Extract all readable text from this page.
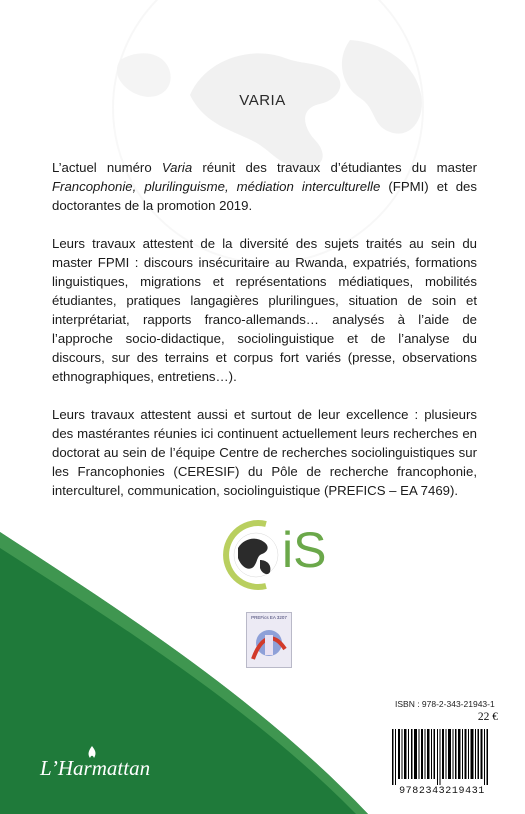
VARIA

L’actuel numéro Varia réunit des travaux d’étudiantes du master Francophonie, plurilinguisme, médiation interculturelle (FPMI) et des doctorantes de la promotion 2019.

Leurs travaux attestent de la diversité des sujets traités au sein du master FPMI : discours insécuritaire au Rwanda, expatriés, formations linguistiques, migrations et représentations médiatiques, mobilités étudiantes, pratiques langagières plurilingues, situation de soin et interprétariat, rapports franco-allemands… analysés à l’aide de l’approche socio-didactique, sociolinguistique et de l’analyse du discours, sur des terrains et corpus fort variés (presse, observations ethnographiques, entretiens…).

Leurs travaux attestent aussi et surtout de leur excellence : plusieurs des mastérantes réunies ici continuent actuellement leurs recherches en doctorat au sein de l’équipe Centre de recherches sociolinguistiques sur les Francophonies (CERESIF) du Pôle de recherche francophonie, interculturel, communication, sociolinguistique (PREFICS – EA 7469).

iS
PREFics EA 3207
ISBN : 978-2-343-21943-1
22 €
9782343219431
L’Harmattan
